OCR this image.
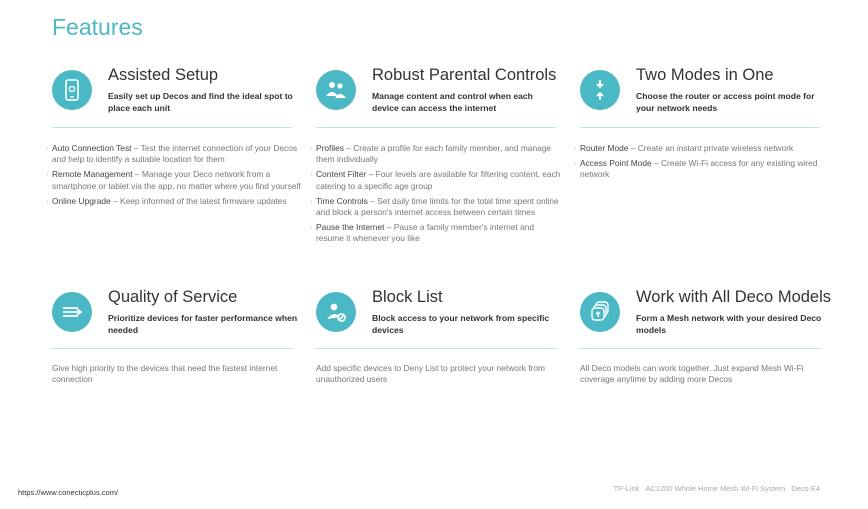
Features
Assisted Setup
Easily set up Decos and find the ideal spot to place each unit
· Auto Connection Test – Test the internet connection of your Decos and help to identify a suitable location for them
· Remote Management – Manage your Deco network from a smartphone or tablet via the app, no matter where you find yourself
· Online Upgrade – Keep informed of the latest firmware updates
Robust Parental Controls
Manage content and control when each device can access the internet
· Profiles – Create a profile for each family member, and manage them individually
· Content Filter – Four levels are available for filtering content, each catering to a specific age group
· Time Controls – Set daily time limits for the total time spent online and block a person's internet access between certain times
· Pause the Internet – Pause a family member's internet and resume it whenever you like
Two Modes in One
Choose the router or access point mode for your network needs
· Router Mode – Create an instant private wireless network
· Access Point Mode – Create Wi-Fi access for any existing wired network
Quality of Service
Prioritize devices for faster performance when needed
Give high priority to the devices that need the fastest internet connection
Block List
Block access to your network from specific devices
Add specific devices to Deny List to protect your network from unauthorized users
Work with All Deco Models
Form a Mesh network with your desired Deco models
All Deco models can work together. Just expand Mesh Wi-Fi coverage anytime by adding more Decos
https://www.conecticplus.com/	TP-Link AC1200 Whole Home Mesh Wi-Fi System Deco E4
